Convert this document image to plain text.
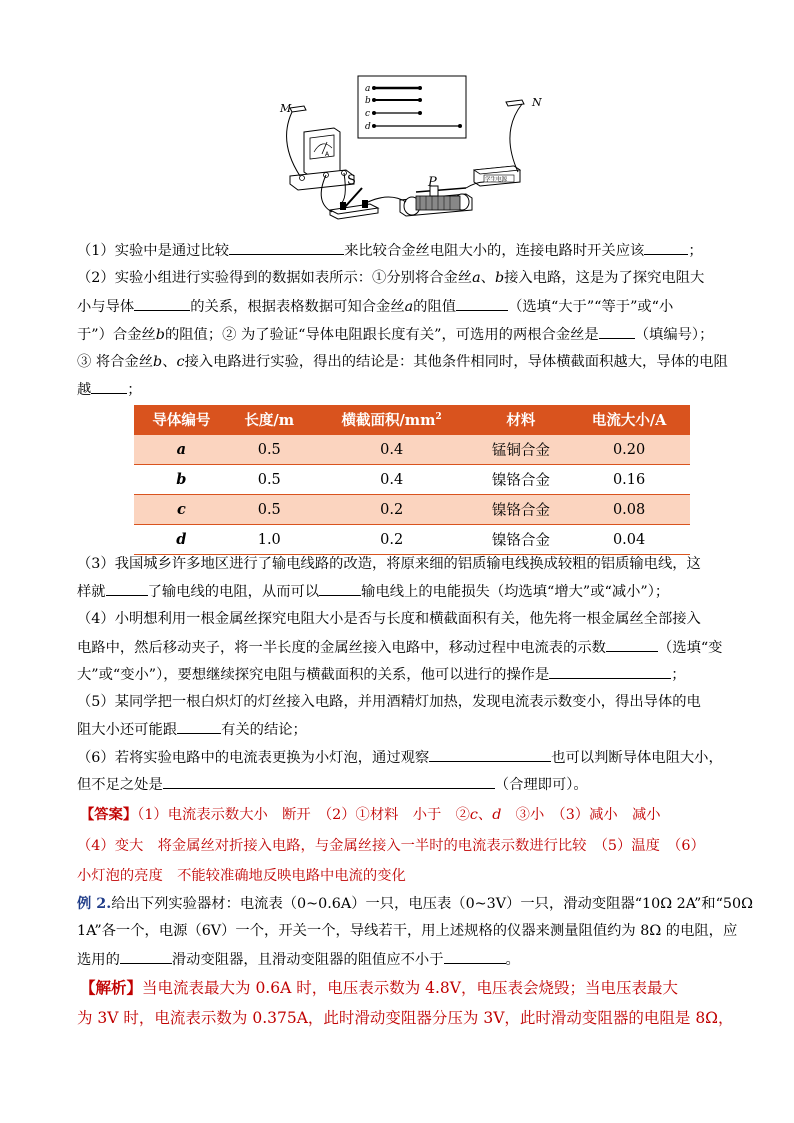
a
b
c
d
M	N
A
S	P	学生电源
（1）实验中是通过比较	来比较合金丝电阻大小的，连接电路时开关应该	；
（2）实验小组进行实验得到的数据如表所示：①分别将合金丝a、b接入电路，这是为了探究电阻大
小与导体	的关系，根据表格数据可知合金丝a的阻值	（选填“大于”“等于”或“小
于”）合金丝b的阻值；② 为了验证“导体电阻跟长度有关”，可选用的两根合金丝是	（填编号）；
③ 将合金丝b、c接入电路进行实验，得出的结论是：其他条件相同时，导体横截面积越大，导体的电阻
越	；
导体编号	长度/m	横截面积$/mm^2$	材料	电流大小/A
a	0.5	0.4	锰铜合金	0.20
b	0.5	0.4	镍铬合金	0.16
c	0.5	0.2	镍铬合金	0.08
d	1.0	0.2	镍铬合金	0.04
（3）我国城乡许多地区进行了输电线路的改造，将原来细的铝质输电线换成较粗的铝质输电线，这
样就	了输电线的电阻，从而可以	输电线上的电能损失（均选填“增大”或“减小”）；
（4）小明想利用一根金属丝探究电阻大小是否与长度和横截面积有关，他先将一根金属丝全部接入
电路中，然后移动夹子，将一半长度的金属丝接入电路中，移动过程中电流表的示数	（选填“变
大”或“变小”），要想继续探究电阻与横截面积的关系，他可以进行的操作是	；
（5）某同学把一根白炽灯的灯丝接入电路，并用酒精灯加热，发现电流表示数变小，得出导体的电
阻大小还可能跟	有关的结论；
（6）若将实验电路中的电流表更换为小灯泡，通过观察	也可以判断导体电阻大小，
但不足之处是	（合理即可）。
【答案】（1）电流表示数大小　断开　（2）①材料　小于　②c、d　③小　（3）减小　减小
（4）变大　将金属丝对折接入电路，与金属丝接入一半时的电流表示数进行比较　（5）温度　（6）
小灯泡的亮度　不能较准确地反映电路中电流的变化
例 2.给出下列实验器材：电流表（0~0.6A）一只，电压表（0~3V）一只，滑动变阻器“10Ω 2A”和“50Ω
1A”各一个，电源（6V）一个，开关一个，导线若干，用上述规格的仪器来测量阻值约为 8Ω 的电阻，应
选用的	滑动变阻器，且滑动变阻器的阻值应不小于	。
【解析】当电流表最大为 0.6A 时，电压表示数为 4.8V，电压表会烧毁；当电压表最大
为 3V 时，电流表示数为 0.375A，此时滑动变阻器分压为 3V，此时滑动变阻器的电阻是 8Ω，
